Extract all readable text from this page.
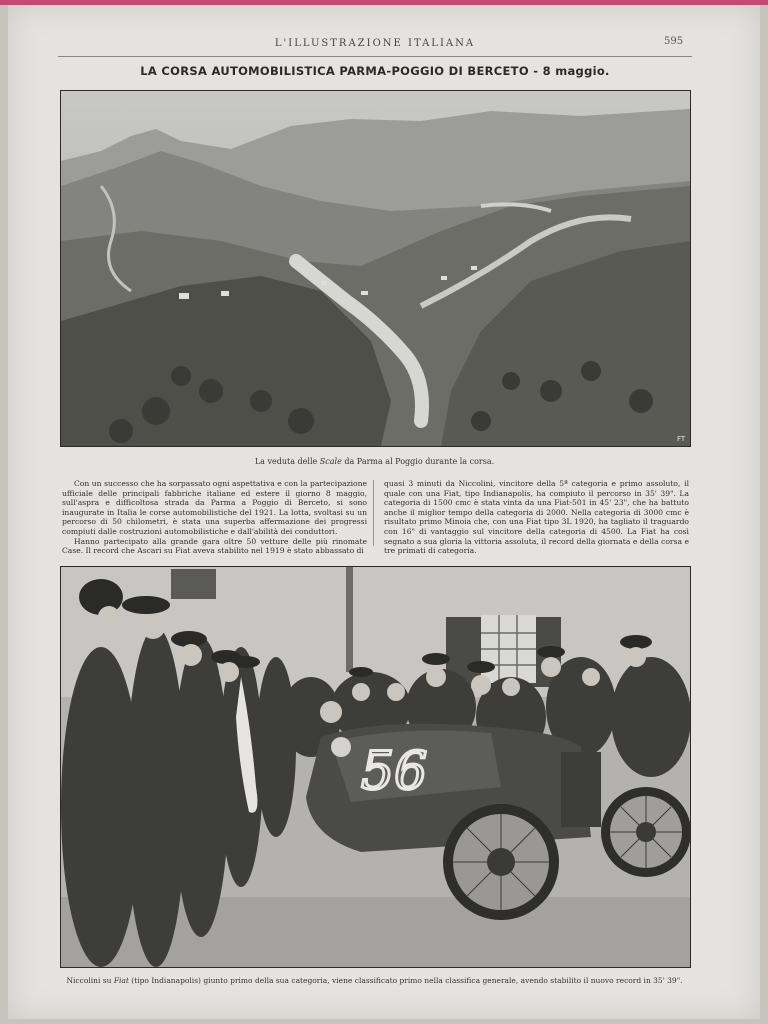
L'ILLUSTRAZIONE ITALIANA	595
LA CORSA AUTOMOBILISTICA PARMA-POGGIO DI BERCETO - 8 maggio.
FT
La veduta delle Scale da Parma al Poggio durante la corsa.

Con un successo che ha sorpassato ogni aspettativa e con la partecipazione ufficiale delle principali fabbriche italiane ed estere il giorno 8 maggio, sull'aspra e difficoltosa strada da Parma a Poggio di Berceto, si sono inaugurate in Italia le corse automobilistiche del 1921. La lotta, svoltasi su un percorso di 50 chilometri, è stata una superba affermazione dei progressi compiuti dalle costruzioni automobilistiche e dall'abilità dei conduttori.

Hanno partecipato alla grande gara oltre 50 vetture delle più rinomate Case. Il record che Ascari su Fiat aveva stabilito nel 1919 è stato abbassato di

quasi 3 minuti da Niccolini, vincitore della 5ª categoria e primo assoluto, il quale con una Fiat, tipo Indianapolis, ha compiuto il percorso in 35' 39". La categoria di 1500 cmc è stata vinta da una Fiat-501 in 45' 23", che ha battuto anche il miglior tempo della categoria di 2000. Nella categoria di 3000 cmc è risultato primo Minoia che, con una Fiat tipo 3L 1920, ha tagliato il traguardo con 16" di vantaggio sul vincitore della categoria di 4500. La Fiat ha così segnato a sua gloria la vittoria assoluta, il record della giornata e della corsa e tre primati di categoria.

56
Niccolini su Fiat (tipo Indianapolis) giunto primo della sua categoria, viene classificato primo nella classifica generale, avendo stabilito il nuovo record in 35' 39".
